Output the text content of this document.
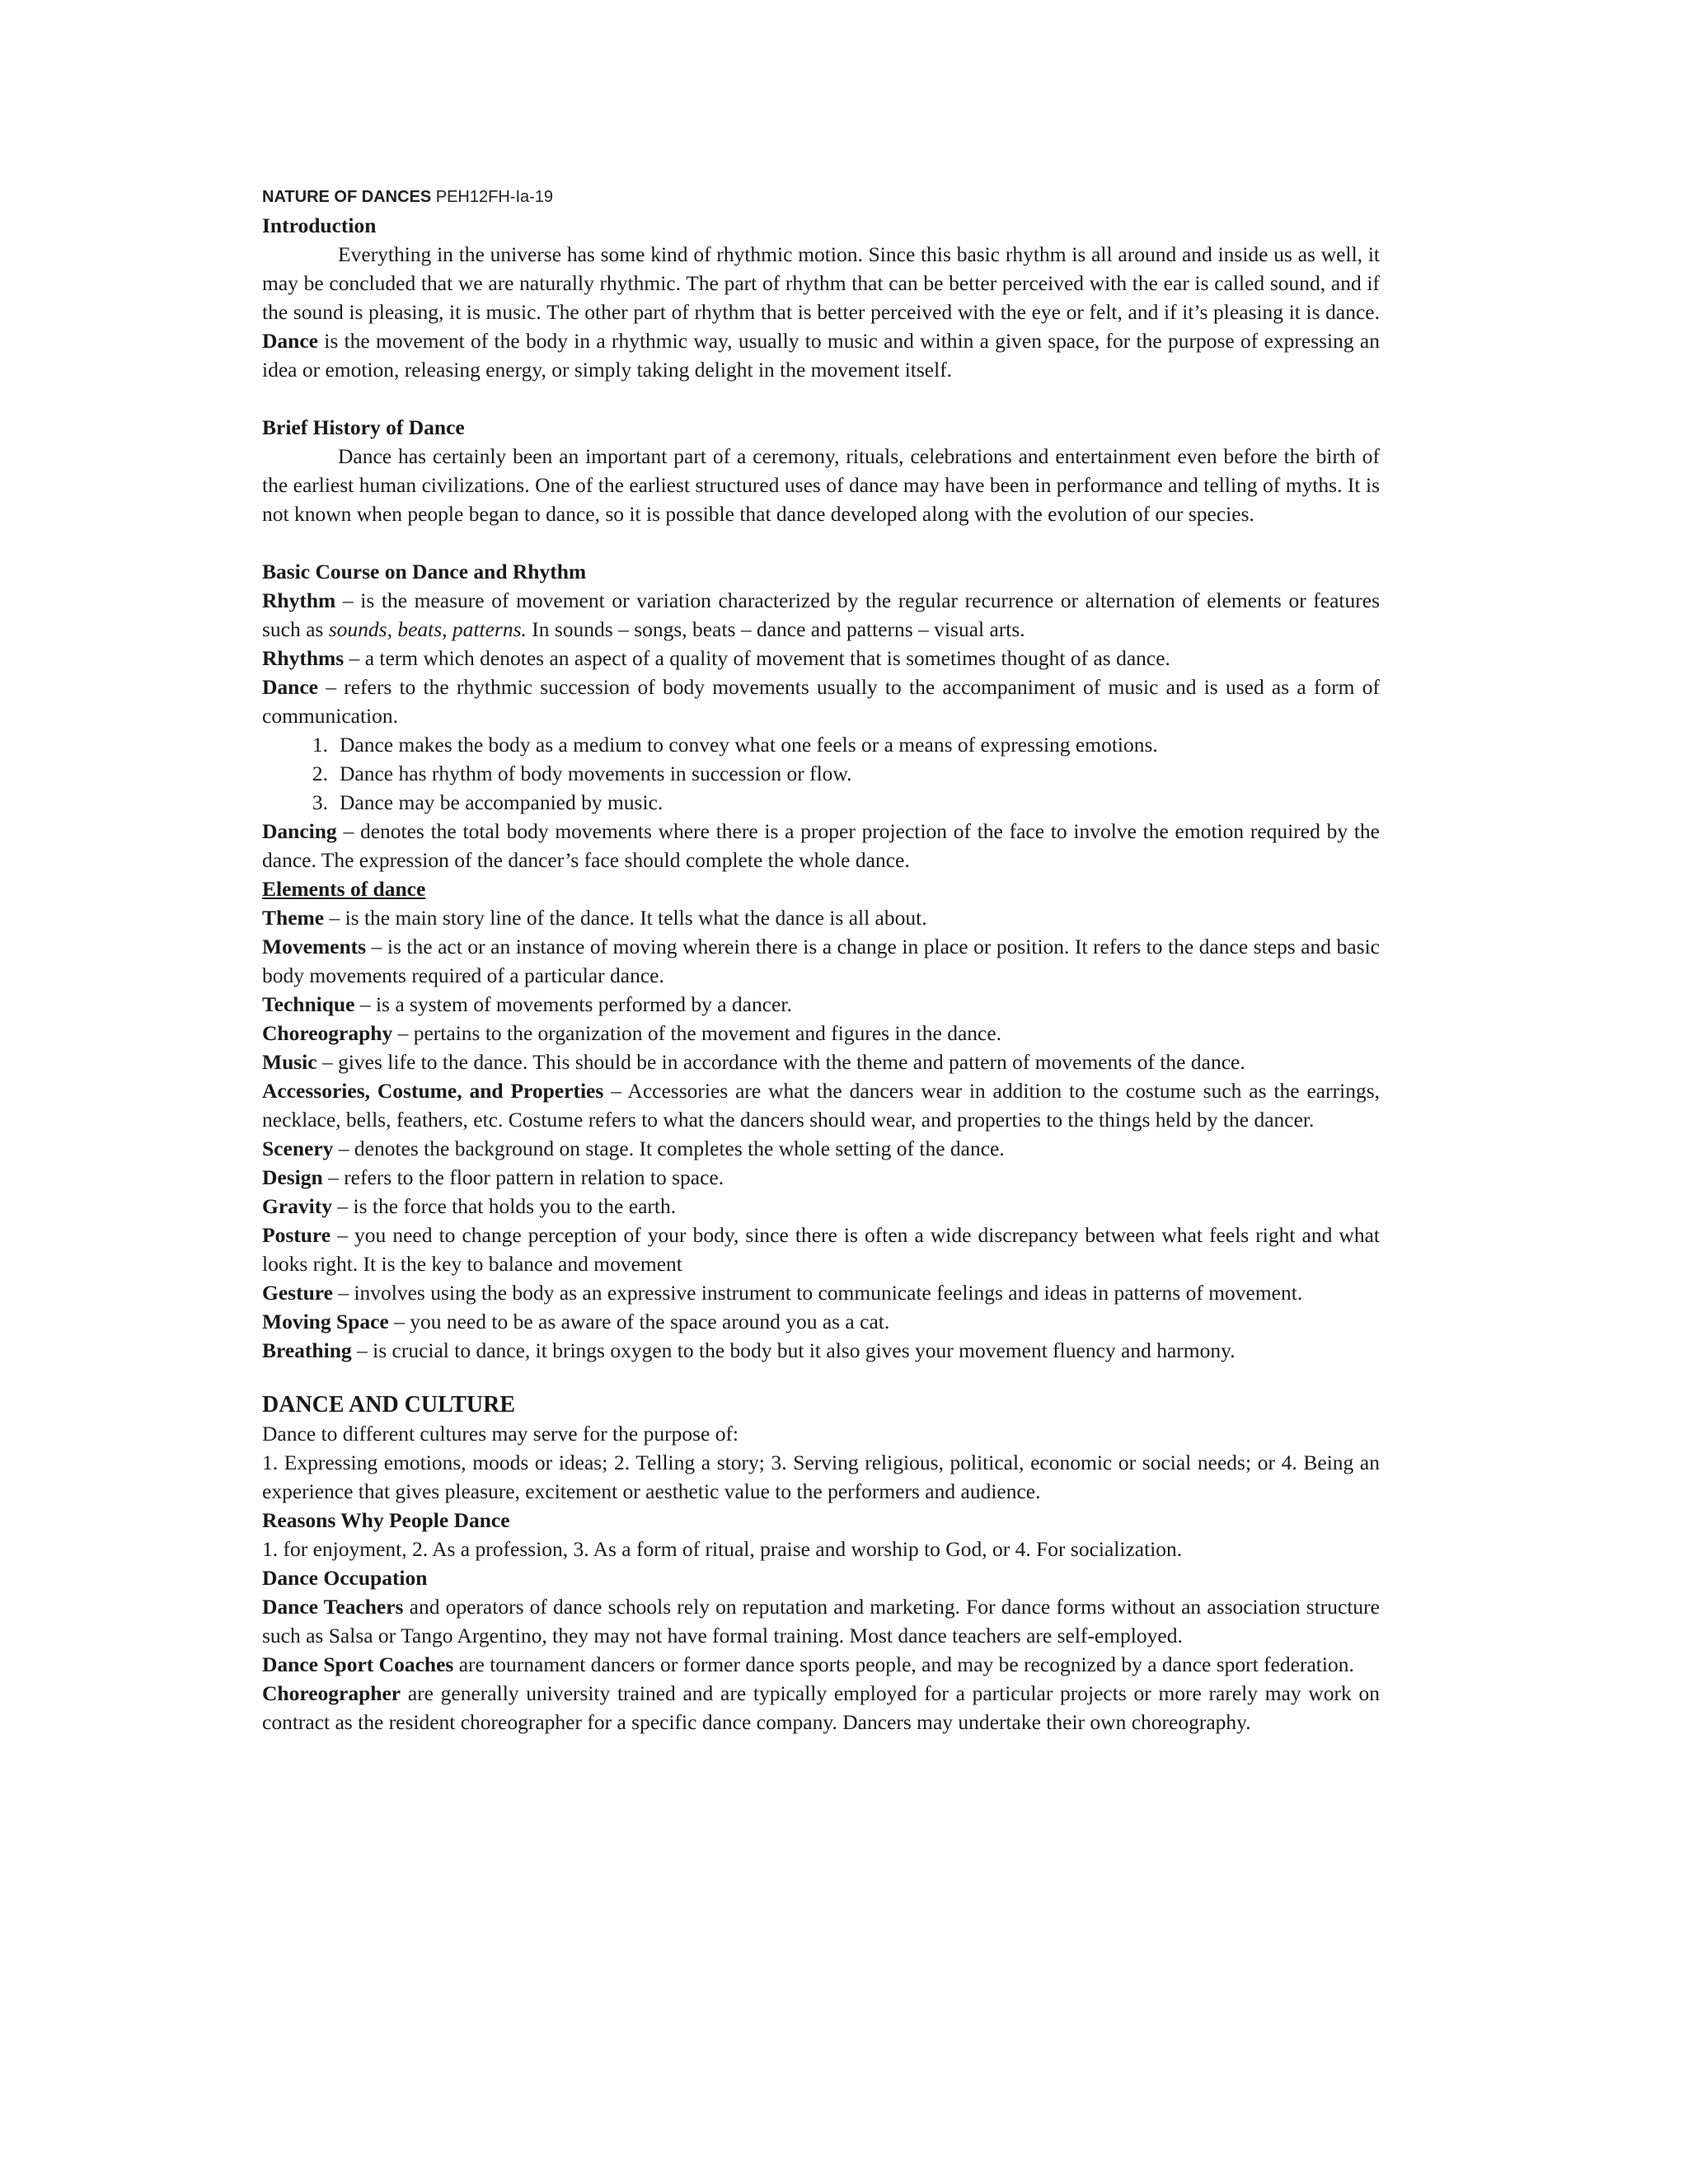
NATURE OF DANCES PEH12FH-Ia-19
Introduction

Everything in the universe has some kind of rhythmic motion. Since this basic rhythm is all around and inside us as well, it may be concluded that we are naturally rhythmic. The part of rhythm that can be better perceived with the ear is called sound, and if the sound is pleasing, it is music. The other part of rhythm that is better perceived with the eye or felt, and if it’s pleasing it is dance. Dance is the movement of the body in a rhythmic way, usually to music and within a given space, for the purpose of expressing an idea or emotion, releasing energy, or simply taking delight in the movement itself.

Brief History of Dance

Dance has certainly been an important part of a ceremony, rituals, celebrations and entertainment even before the birth of the earliest human civilizations. One of the earliest structured uses of dance may have been in performance and telling of myths. It is not known when people began to dance, so it is possible that dance developed along with the evolution of our species.

Basic Course on Dance and Rhythm

Rhythm – is the measure of movement or variation characterized by the regular recurrence or alternation of elements or features such as sounds, beats, patterns. In sounds – songs, beats – dance and patterns – visual arts.

Rhythms – a term which denotes an aspect of a quality of movement that is sometimes thought of as dance.

Dance – refers to the rhythmic succession of body movements usually to the accompaniment of music and is used as a form of communication.

1. Dance makes the body as a medium to convey what one feels or a means of expressing emotions.
2. Dance has rhythm of body movements in succession or flow.
3. Dance may be accompanied by music.

Dancing – denotes the total body movements where there is a proper projection of the face to involve the emotion required by the dance. The expression of the dancer’s face should complete the whole dance.

Elements of dance

Theme – is the main story line of the dance. It tells what the dance is all about.

Movements – is the act or an instance of moving wherein there is a change in place or position. It refers to the dance steps and basic body movements required of a particular dance.

Technique – is a system of movements performed by a dancer.

Choreography – pertains to the organization of the movement and figures in the dance.

Music – gives life to the dance. This should be in accordance with the theme and pattern of movements of the dance.

Accessories, Costume, and Properties – Accessories are what the dancers wear in addition to the costume such as the earrings, necklace, bells, feathers, etc. Costume refers to what the dancers should wear, and properties to the things held by the dancer.

Scenery – denotes the background on stage. It completes the whole setting of the dance.

Design – refers to the floor pattern in relation to space.

Gravity – is the force that holds you to the earth.

Posture – you need to change perception of your body, since there is often a wide discrepancy between what feels right and what looks right. It is the key to balance and movement

Gesture – involves using the body as an expressive instrument to communicate feelings and ideas in patterns of movement.

Moving Space – you need to be as aware of the space around you as a cat.

Breathing – is crucial to dance, it brings oxygen to the body but it also gives your movement fluency and harmony.

DANCE AND CULTURE

Dance to different cultures may serve for the purpose of:

1. Expressing emotions, moods or ideas; 2. Telling a story; 3. Serving religious, political, economic or social needs; or 4. Being an experience that gives pleasure, excitement or aesthetic value to the performers and audience.

Reasons Why People Dance

1. for enjoyment, 2. As a profession, 3. As a form of ritual, praise and worship to God, or 4. For socialization.

Dance Occupation

Dance Teachers and operators of dance schools rely on reputation and marketing. For dance forms without an association structure such as Salsa or Tango Argentino, they may not have formal training. Most dance teachers are self-employed.

Dance Sport Coaches are tournament dancers or former dance sports people, and may be recognized by a dance sport federation.

Choreographer are generally university trained and are typically employed for a particular projects or more rarely may work on contract as the resident choreographer for a specific dance company. Dancers may undertake their own choreography.
